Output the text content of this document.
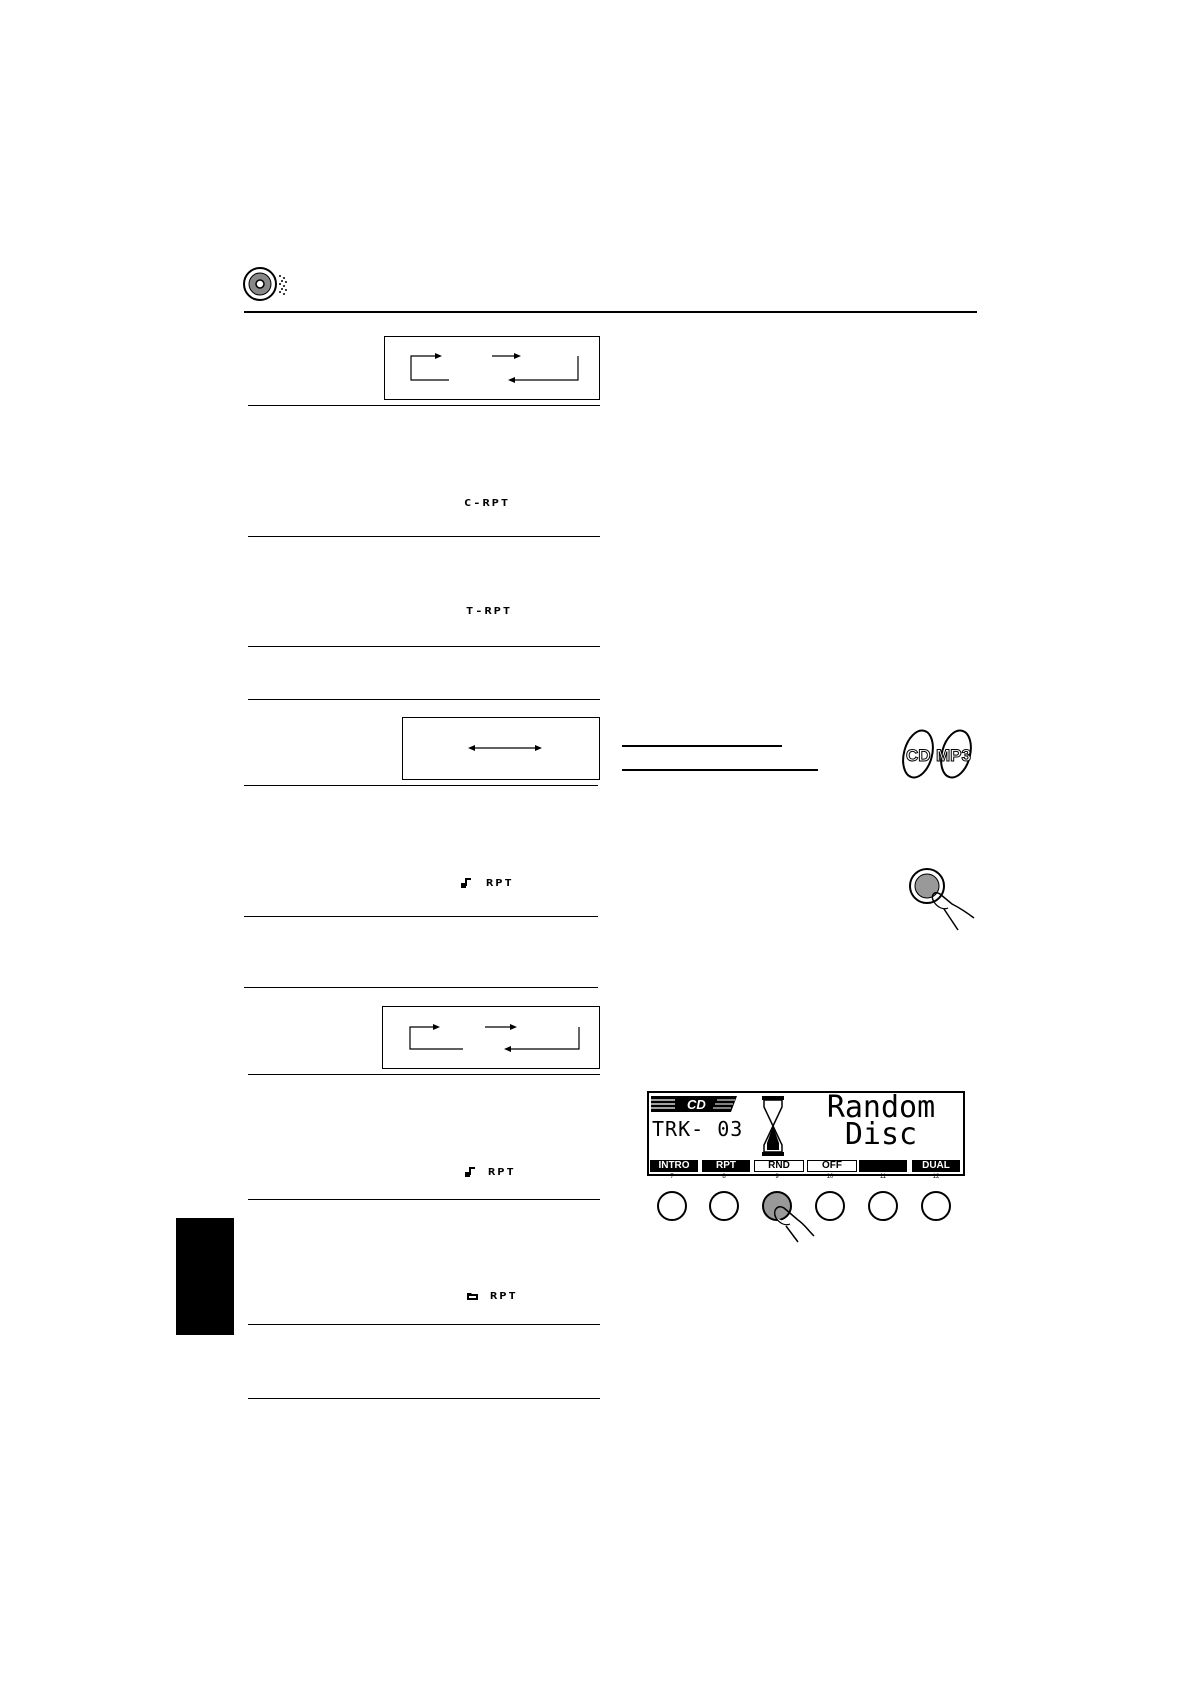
C-RPT
T-RPT
RPT
RPT
RPT
CD MP3
CD
TRK- 03
Random
Disc
INTRO	RPT	RND	OFF	DUAL
7	8	9	10	11	12
